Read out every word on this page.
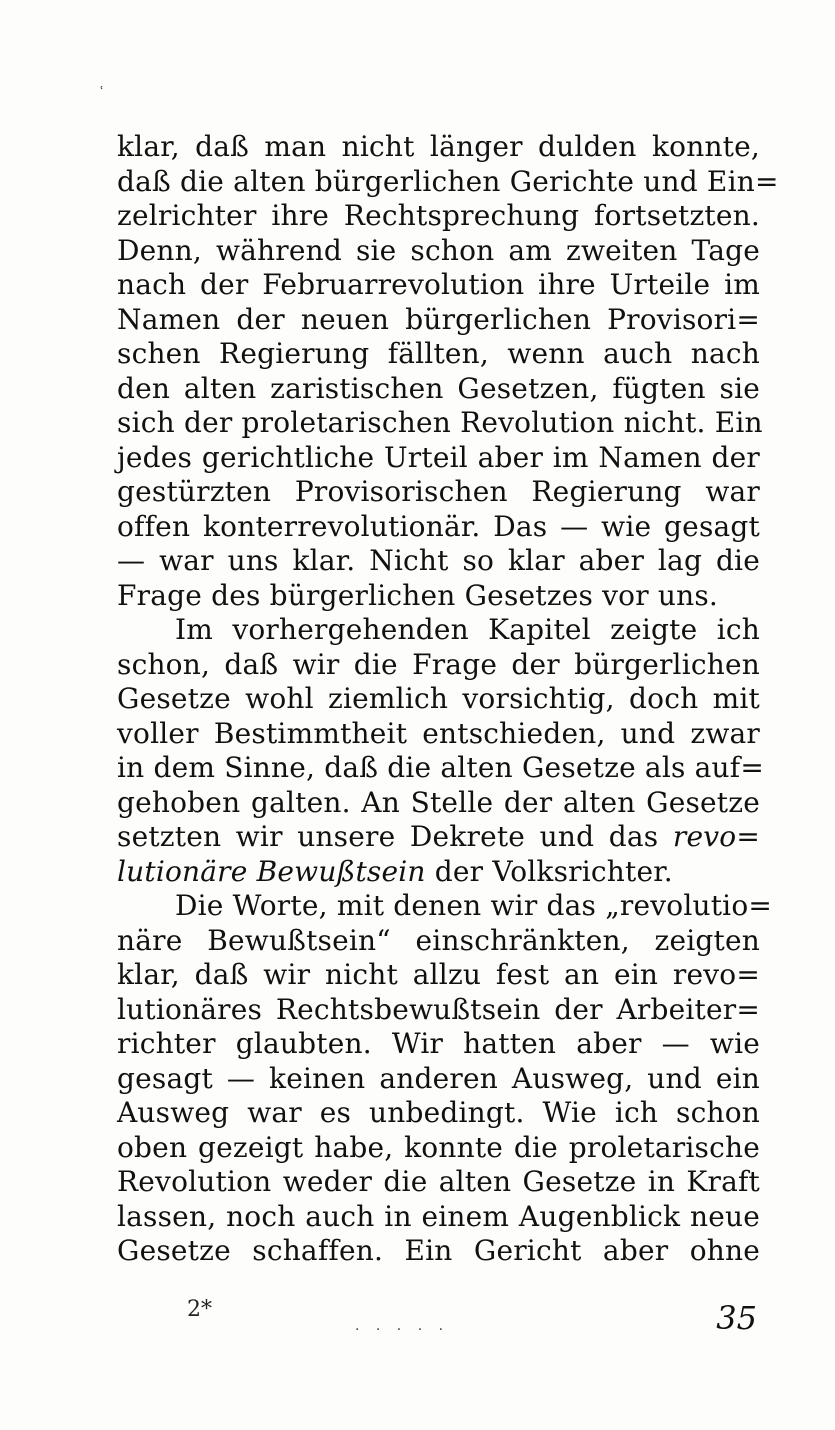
ʿ
klar, daß man nicht länger dulden konnte,
daß die alten bürgerlichen Gerichte und Ein=
zelrichter ihre Rechtsprechung fortsetzten.
Denn, während sie schon am zweiten Tage
nach der Februarrevolution ihre Urteile im
Namen der neuen bürgerlichen Provisori=
schen Regierung fällten, wenn auch nach
den alten zaristischen Gesetzen, fügten sie
sich der proletarischen Revolution nicht. Ein
jedes gerichtliche Urteil aber im Namen der
gestürzten Provisorischen Regierung war
offen konterrevolutionär. Das — wie gesagt
— war uns klar. Nicht so klar aber lag die
Frage des bürgerlichen Gesetzes vor uns.
Im vorhergehenden Kapitel zeigte ich
schon, daß wir die Frage der bürgerlichen
Gesetze wohl ziemlich vorsichtig, doch mit
voller Bestimmtheit entschieden, und zwar
in dem Sinne, daß die alten Gesetze als auf=
gehoben galten. An Stelle der alten Gesetze
setzten wir unsere Dekrete und das revo=
lutionäre Bewußtsein der Volksrichter.
Die Worte, mit denen wir das „revolutio=
näre Bewußtsein“ einschränkten, zeigten
klar, daß wir nicht allzu fest an ein revo=
lutionäres Rechtsbewußtsein der Arbeiter=
richter glaubten. Wir hatten aber — wie
gesagt — keinen anderen Ausweg, und ein
Ausweg war es unbedingt. Wie ich schon
oben gezeigt habe, konnte die proletarische
Revolution weder die alten Gesetze in Kraft
lassen, noch auch in einem Augenblick neue
Gesetze schaffen. Ein Gericht aber ohne
2*
· · · · ·	35
